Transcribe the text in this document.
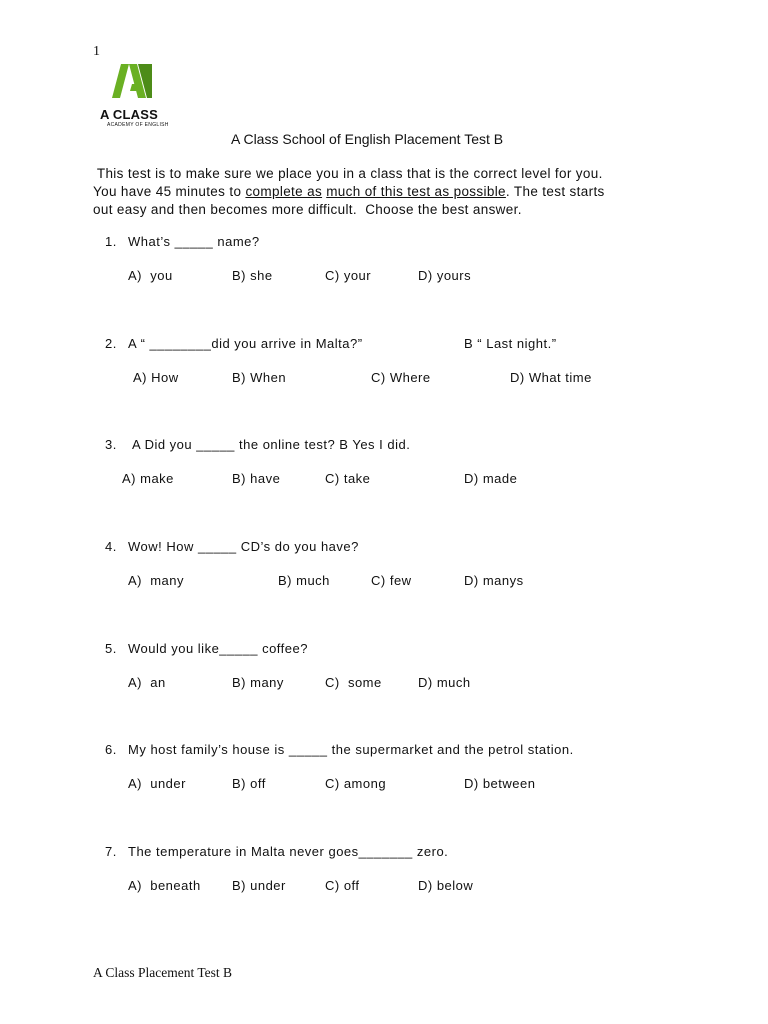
1
A CLASS
ACADEMY OF ENGLISH
A Class School of English Placement Test B
This test is to make sure we place you in a class that is the correct level for you.
You have 45 minutes to complete as much of this test as possible. The test starts
out easy and then becomes more difficult.  Choose the best answer.
1. What’s _____ name?
A)  you	B) she	C) your	D) yours
2. A “ ________did you arrive in Malta?”	B “ Last night.”
A) How	B) When	C) Where	D) What time
3. A Did you _____ the online test? B Yes I did.
A) make	B) have	C) take	D) made
4. Wow! How _____ CD’s do you have?
A)  many	B) much	C) few	D) manys
5. Would you like_____ coffee?
A)  an	B) many	C)  some	D) much
6. My host family’s house is _____ the supermarket and the petrol station.
A)  under	B) off	C) among	D) between
7. The temperature in Malta never goes_______ zero.
A)  beneath B) under	C) off	D) below
A Class Placement Test B
